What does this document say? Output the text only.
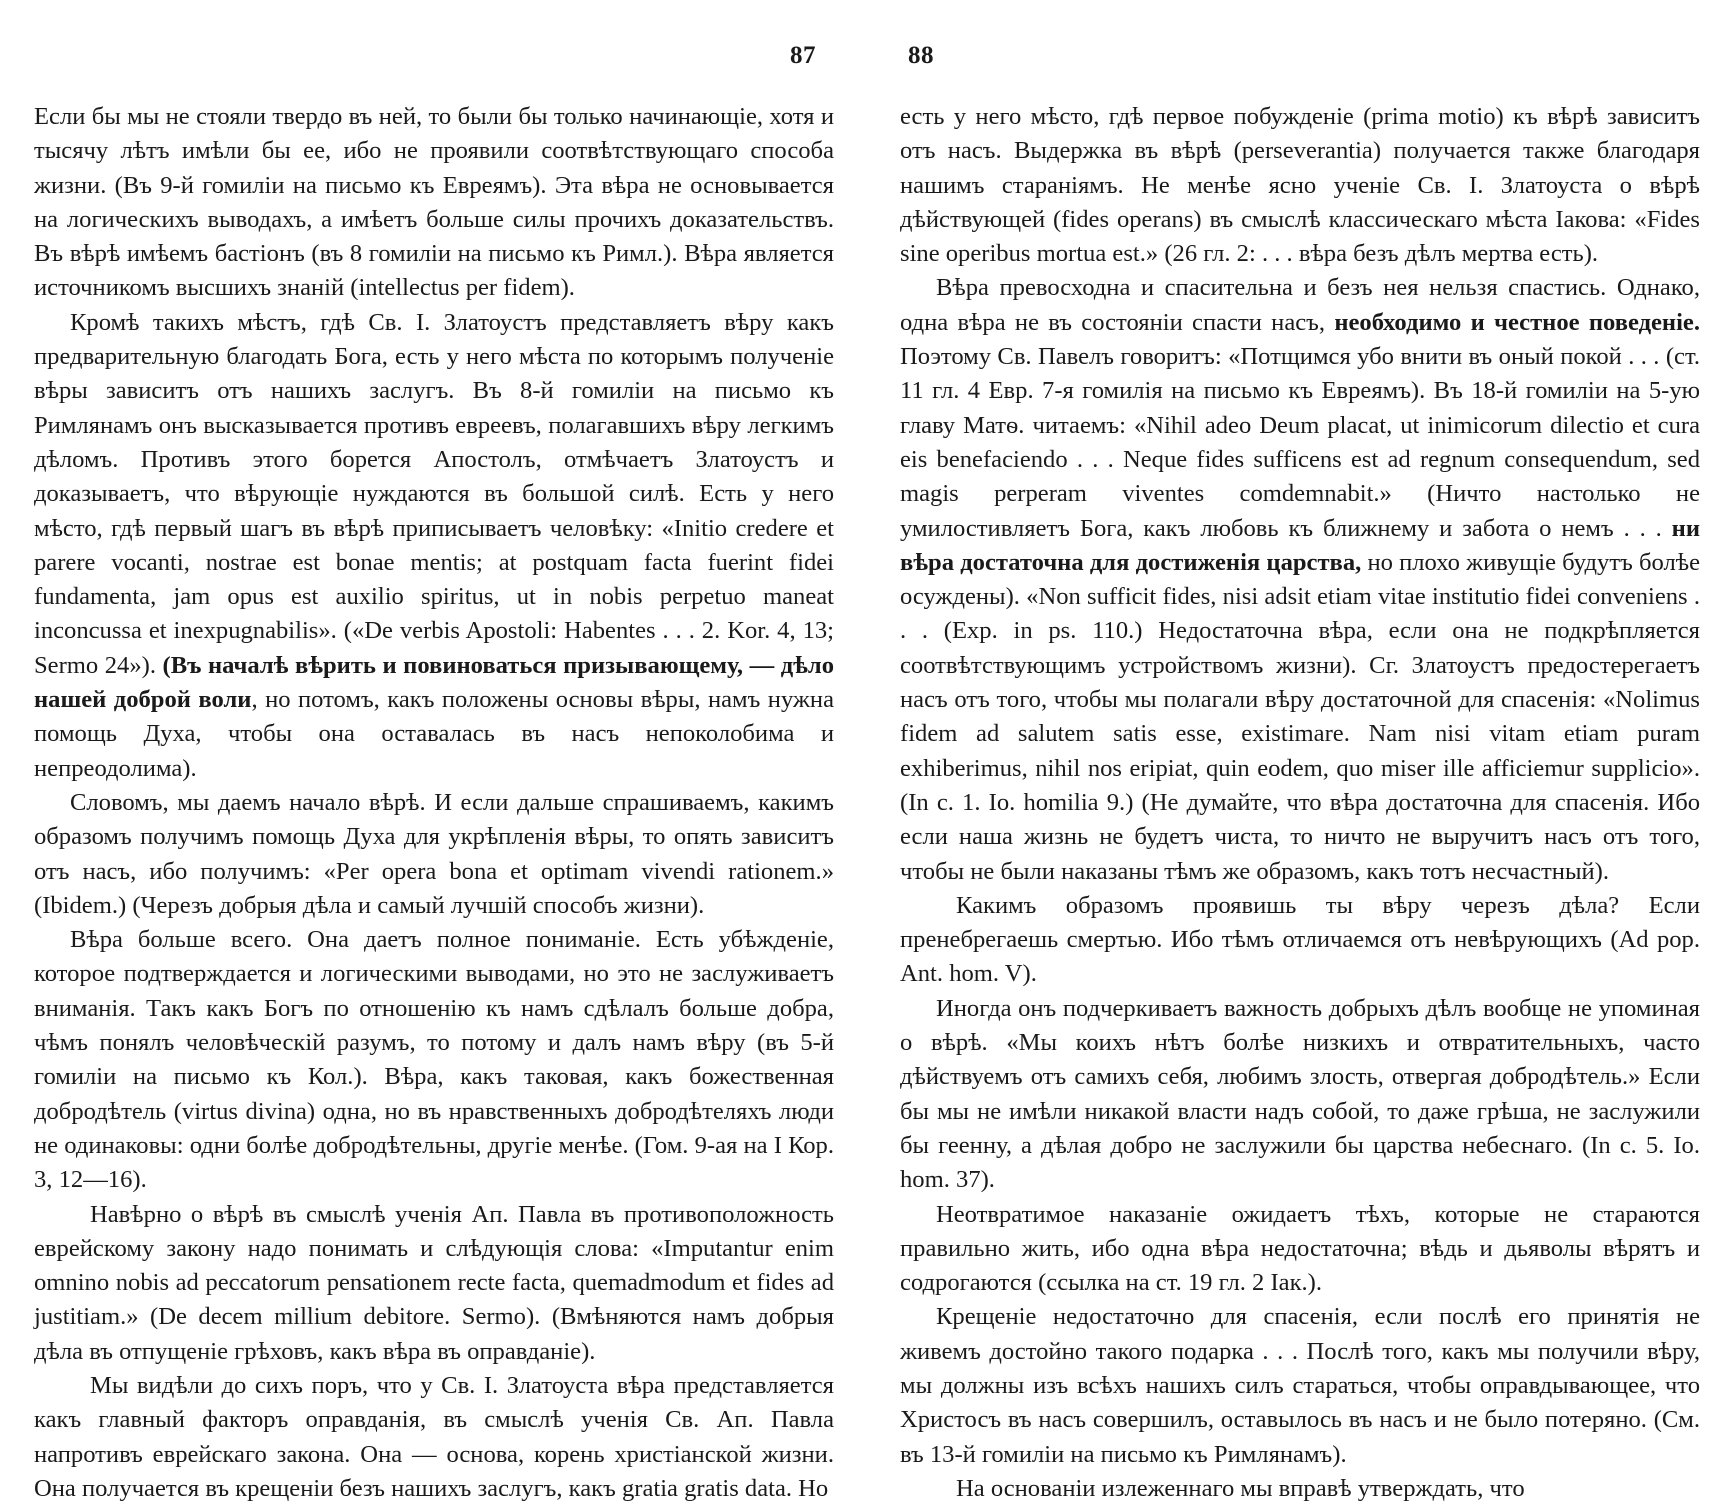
87

Если бы мы не стояли твердо въ ней, то были бы только начинающіе, хотя и тысячу лѣтъ имѣли бы ее, ибо не проявили соотвѣтствующаго способа жизни. (Въ 9-й гомиліи на письмо къ Евреямъ). Эта вѣра не основывается на логическихъ выводахъ, а имѣетъ больше силы прочихъ доказательствъ. Въ вѣрѣ имѣемъ бастіонъ (въ 8 гомиліи на письмо къ Римл.). Вѣра является источникомъ высшихъ знаній (intellectus per fidem).

Кромѣ такихъ мѣстъ, гдѣ Св. І. Златоустъ представляетъ вѣру какъ предварительную благодать Бога, есть у него мѣста по которымъ полученіе вѣры зависитъ отъ нашихъ заслугъ. Въ 8-й гомиліи на письмо къ Римлянамъ онъ высказывается противъ евреевъ, полагавшихъ вѣру легкимъ дѣломъ. Противъ этого борется Апостолъ, отмѣчаетъ Златоустъ и доказываетъ, что вѣрующіе нуждаются въ большой силѣ. Есть у него мѣсто, гдѣ первый шагъ въ вѣрѣ приписываетъ человѣку: «Initio credere et parere vocanti, nostrae est bonae mentis; at postquam facta fuerint fidei fundamenta, jam opus est auxilio spiritus, ut in nobis perpetuo maneat inconcussa et inexpugnabilis». («De verbis Apostoli: Habentes . . . 2. Kor. 4, 13; Sermo 24»). (Въ началѣ вѣрить и повиноваться призывающему, — дѣло нашей доброй воли, но потомъ, какъ положены основы вѣры, намъ нужна помощь Духа, чтобы она оставалась въ насъ непоколобима и непреодолима).

Словомъ, мы даемъ начало вѣрѣ. И если дальше спрашиваемъ, какимъ образомъ получимъ помощь Духа для укрѣпленія вѣры, то опять зависитъ отъ насъ, ибо получимъ: «Per opera bona et optimam vivendi rationem.» (Ibidem.) (Черезъ добрыя дѣла и самый лучшій способъ жизни).

Вѣра больше всего. Она даетъ полное пониманіе. Есть убѣжденіе, которое подтверждается и логическими выводами, но это не заслуживаетъ вниманія. Такъ какъ Богъ по отношенію къ намъ сдѣлалъ больше добра, чѣмъ понялъ человѣческій разумъ, то потому и далъ намъ вѣру (въ 5-й гомиліи на письмо къ Кол.). Вѣра, какъ таковая, какъ божественная добродѣтель (virtus divina) одна, но въ нравственныхъ добродѣтеляхъ люди не одинаковы: одни болѣе добродѣтельны, другіе менѣе. (Гом. 9-ая на І Кор. 3, 12—16).

Навѣрно о вѣрѣ въ смыслѣ ученія Ап. Павла въ противоположность еврейскому закону надо понимать и слѣдующія слова: «Imputantur enim omnino nobis ad peccatorum pensationem recte facta, quemadmodum et fides ad justitiam.» (De decem millium debitore. Sermo). (Вмѣняются намъ добрыя дѣла въ отпущеніе грѣховъ, какъ вѣра въ оправданіе).

Мы видѣли до сихъ поръ, что у Св. І. Златоуста вѣра представляется какъ главный факторъ оправданія, въ смыслѣ ученія Св. Ап. Павла напротивъ еврейскаго закона. Она — основа, корень христіанской жизни. Она получается въ крещеніи безъ нашихъ заслугъ, какъ gratia gratis data. Но

88

есть у него мѣсто, гдѣ первое побужденіе (prima motio) къ вѣрѣ зависитъ отъ насъ. Выдержка въ вѣрѣ (perseverantia) получается также благодаря нашимъ стараніямъ. Не менѣе ясно ученіе Св. І. Златоуста о вѣрѣ дѣйствующей (fides operans) въ смыслѣ классическаго мѣста Іакова: «Fides sine operibus mortua est.» (26 гл. 2: . . . вѣра безъ дѣлъ мертва есть).

Вѣра превосходна и спасительна и безъ нея нельзя спастись. Однако, одна вѣра не въ состояніи спасти насъ, необходимо и честное поведеніе. Поэтому Св. Павелъ говоритъ: «Потщимся убо внити въ оный покой . . . (ст. 11 гл. 4 Евр. 7-я гомилія на письмо къ Евреямъ). Въ 18-й гомиліи на 5-ую главу Матѳ. читаемъ: «Nihil adeo Deum placat, ut inimicorum dilectio et cura eis benefaciendo . . . Neque fides sufficens est ad regnum consequendum, sed magis perperam viventes comdemnabit.» (Ничто настолько не умилостивляетъ Бога, какъ любовь къ ближнему и забота о немъ . . . ни вѣра достаточна для достиженія царства, но плохо живущіе будутъ болѣе осуждены). «Non sufficit fides, nisi adsit etiam vitae institutio fidei conveniens . . . (Exp. in ps. 110.) Недостаточна вѣра, если она не подкрѣпляется соотвѣтствующимъ устройствомъ жизни). Сг. Златоустъ предостерегаетъ насъ отъ того, чтобы мы полагали вѣру достаточной для спасенія: «Nolimus fidem ad salutem satis esse, existimare. Nam nisi vitam etiam puram exhiberimus, nihil nos eripiat, quin eodem, quo miser ille afficiemur supplicio». (In c. 1. Io. homilia 9.) (Не думайте, что вѣра достаточна для спасенія. Ибо если наша жизнь не будетъ чиста, то ничто не выручитъ насъ отъ того, чтобы не были наказаны тѣмъ же образомъ, какъ тотъ несчастный).

Какимъ образомъ проявишь ты вѣру черезъ дѣла? Если пренебрегаешь смертью. Ибо тѣмъ отличаемся отъ невѣрующихъ (Ad pop. Ant. hom. V).

Иногда онъ подчеркиваетъ важность добрыхъ дѣлъ вообще не упоминая о вѣрѣ. «Мы коихъ нѣтъ болѣе низкихъ и отвратительныхъ, часто дѣйствуемъ отъ самихъ себя, любимъ злость, отвергая добродѣтель.» Если бы мы не имѣли никакой власти надъ собой, то даже грѣша, не заслужили бы геенну, а дѣлая добро не заслужили бы царства небеснаго. (In c. 5. Io. hom. 37).

Неотвратимое наказаніе ожидаетъ тѣхъ, которые не стараются правильно жить, ибо одна вѣра недостаточна; вѣдь и дьяволы вѣрятъ и содрогаются (ссылка на ст. 19 гл. 2 Іак.).

Крещеніе недостаточно для спасенія, если послѣ его принятія не живемъ достойно такого подарка . . . Послѣ того, какъ мы получили вѣру, мы должны изъ всѣхъ нашихъ силъ стараться, чтобы оправдывающее, что Христосъ въ насъ совершилъ, оставылось въ насъ и не было потеряно. (См. въ 13-й гомиліи на письмо къ Римлянамъ).

На основаніи излеженнаго мы вправѣ утверждать, что
